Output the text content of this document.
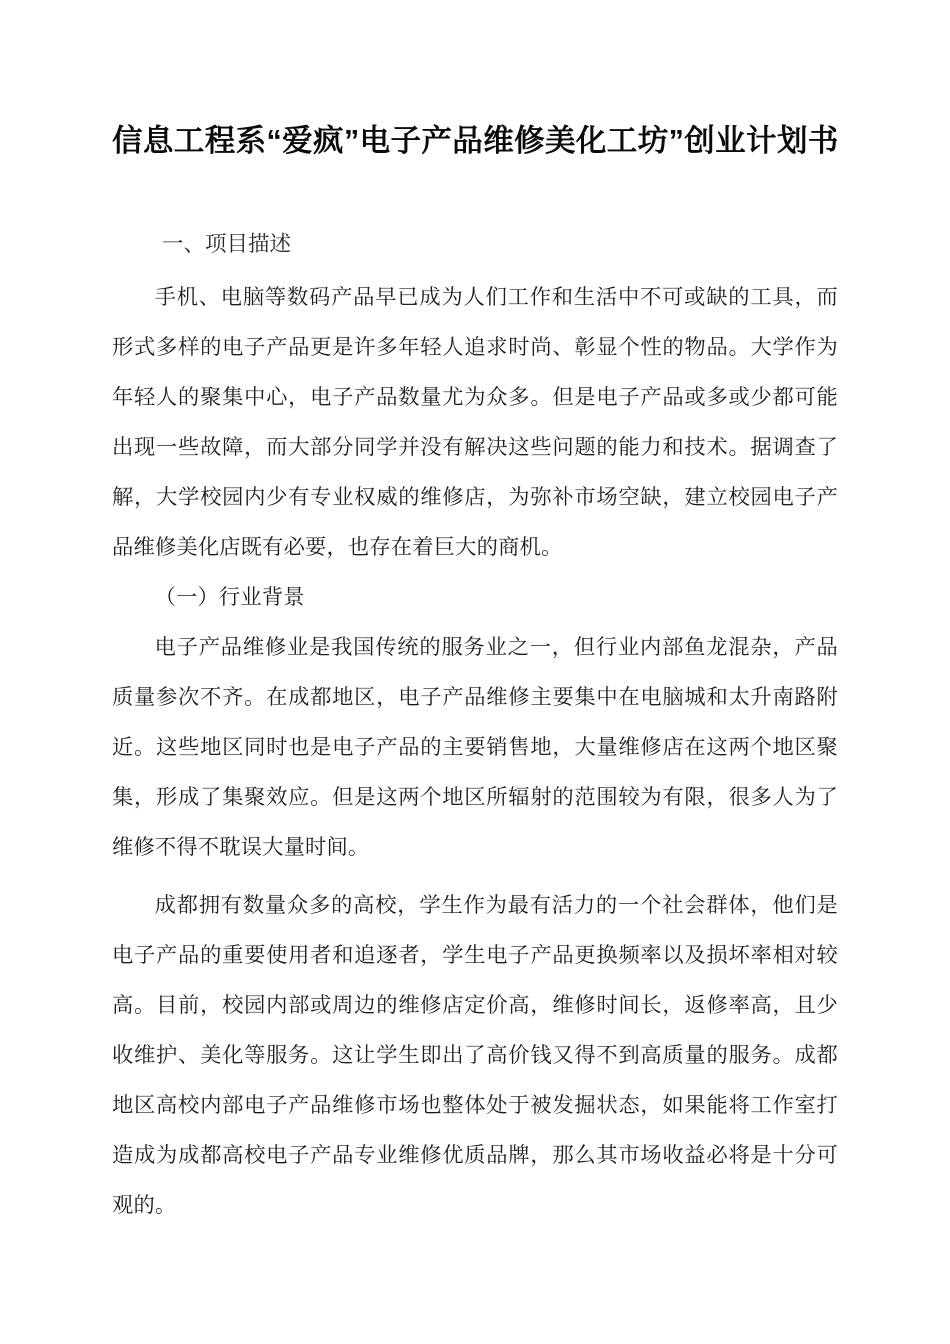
信息工程系“爱疯”电子产品维修美化工坊”创业计划书
一、项目描述

手机、电脑等数码产品早已成为人们工作和生活中不可或缺的工具，而形式多样的电子产品更是许多年轻人追求时尚、彰显个性的物品。大学作为年轻人的聚集中心，电子产品数量尤为众多。但是电子产品或多或少都可能出现一些故障，而大部分同学并没有解决这些问题的能力和技术。据调查了解，大学校园内少有专业权威的维修店，为弥补市场空缺，建立校园电子产品维修美化店既有必要，也存在着巨大的商机。

（一）行业背景

电子产品维修业是我国传统的服务业之一，但行业内部鱼龙混杂，产品质量参次不齐。在成都地区，电子产品维修主要集中在电脑城和太升南路附近。这些地区同时也是电子产品的主要销售地，大量维修店在这两个地区聚集，形成了集聚效应。但是这两个地区所辐射的范围较为有限，很多人为了维修不得不耽误大量时间。

成都拥有数量众多的高校，学生作为最有活力的一个社会群体，他们是电子产品的重要使用者和追逐者，学生电子产品更换频率以及损坏率相对较高。目前，校园内部或周边的维修店定价高，维修时间长，返修率高，且少收维护、美化等服务。这让学生即出了高价钱又得不到高质量的服务。成都地区高校内部电子产品维修市场也整体处于被发掘状态，如果能将工作室打造成为成都高校电子产品专业维修优质品牌，那么其市场收益必将是十分可观的。
